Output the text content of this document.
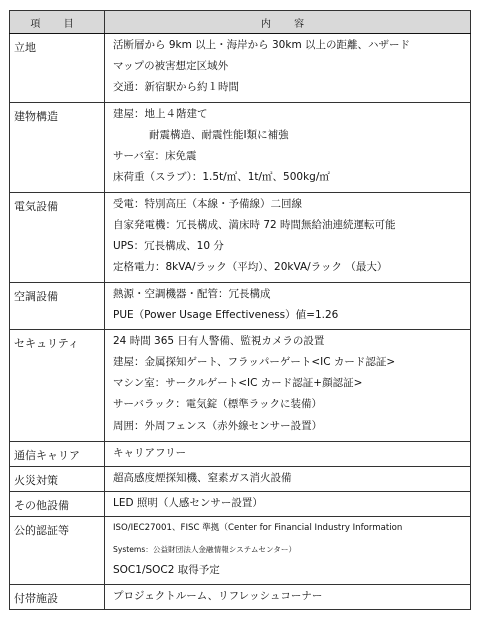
項 目	内 容
立地	活断層から 9km 以上・海岸から 30km 以上の距離、ハザード
マップの被害想定区域外
交通：新宿駅から約１時間

建物構造	建屋：地上４階建て
耐震構造、耐震性能Ⅰ類に補強
サーバ室：床免震
床荷重（スラブ）：1.5t/㎡、1t/㎡、500kg/㎡

電気設備	受電：特別高圧（本線・予備線）二回線
自家発電機：冗長構成、満床時 72 時間無給油連続運転可能
UPS：冗長構成、10 分
定格電力：8kVA/ラック（平均）、20kVA/ラック （最大）

空調設備	熱源・空調機器・配管：冗長構成
PUE（Power Usage Effectiveness）値=1.26

セキュリティ	24 時間 365 日有人警備、監視カメラの設置
建屋：金属探知ゲート、フラッパーゲート<IC カード認証>
マシン室：サークルゲート<IC カード認証+顔認証>
サーバラック：電気錠（標準ラックに装備）
周囲：外周フェンス（赤外線センサー設置）

通信キャリア	キャリアフリー

火災対策	超高感度煙探知機、窒素ガス消火設備

その他設備	LED 照明（人感センサー設置）

公的認証等	ISO/IEC27001、FISC 準拠（Center for Financial Industry Information
Systems：公益財団法人金融情報システムセンター）
SOC1/SOC2 取得予定

付帯施設	プロジェクトルーム、リフレッシュコーナー
